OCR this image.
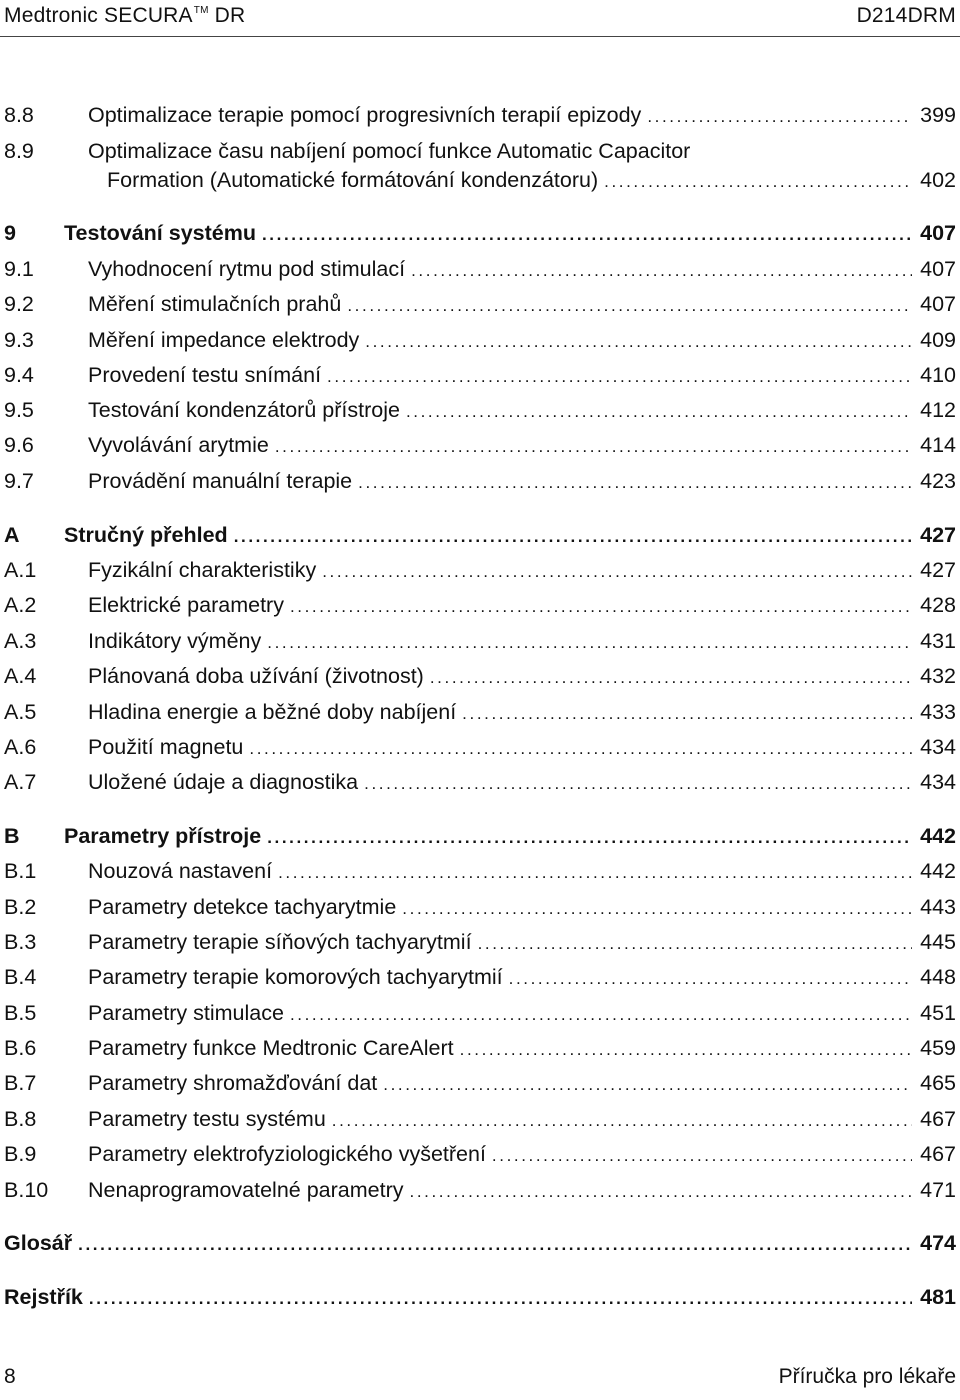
Medtronic SECURA™ DR	D214DRM
8.8	Optimalizace terapie pomocí progresivních terapií epizody .....	399
8.9	Optimalizace času nabíjení pomocí funkce Automatic Capacitor
Formation (Automatické formátování kondenzátoru) .....	402
9 Testování systému .....	407
9.1	Vyhodnocení rytmu pod stimulací .....	407
9.2	Měření stimulačních prahů .....	407
9.3	Měření impedance elektrody .....	409
9.4	Provedení testu snímání .....	410
9.5	Testování kondenzátorů přístroje .....	412
9.6	Vyvolávání arytmie .....	414
9.7	Provádění manuální terapie .....	423
A Stručný přehled .....	427
A.1 Fyzikální charakteristiky .....	427
A.2 Elektrické parametry .....	428
A.3 Indikátory výměny .....	431
A.4 Plánovaná doba užívání (životnost) .....	432
A.5 Hladina energie a běžné doby nabíjení .....	433
A.6 Použití magnetu .....	434
A.7 Uložené údaje a diagnostika .....	434
B Parametry přístroje .....	442
B.1 Nouzová nastavení .....	442
B.2 Parametry detekce tachyarytmie .....	443
B.3 Parametry terapie síňových tachyarytmií .....	445
B.4 Parametry terapie komorových tachyarytmií .....	448
B.5 Parametry stimulace .....	451
B.6 Parametry funkce Medtronic CareAlert .....	459
B.7 Parametry shromažďování dat .....	465
B.8 Parametry testu systému .....	467
B.9 Parametry elektrofyziologického vyšetření .....	467
B.10 Nenaprogramovatelné parametry .....	471
Glosář .....	474
Rejstřík .....	481
8	Příručka pro lékaře
